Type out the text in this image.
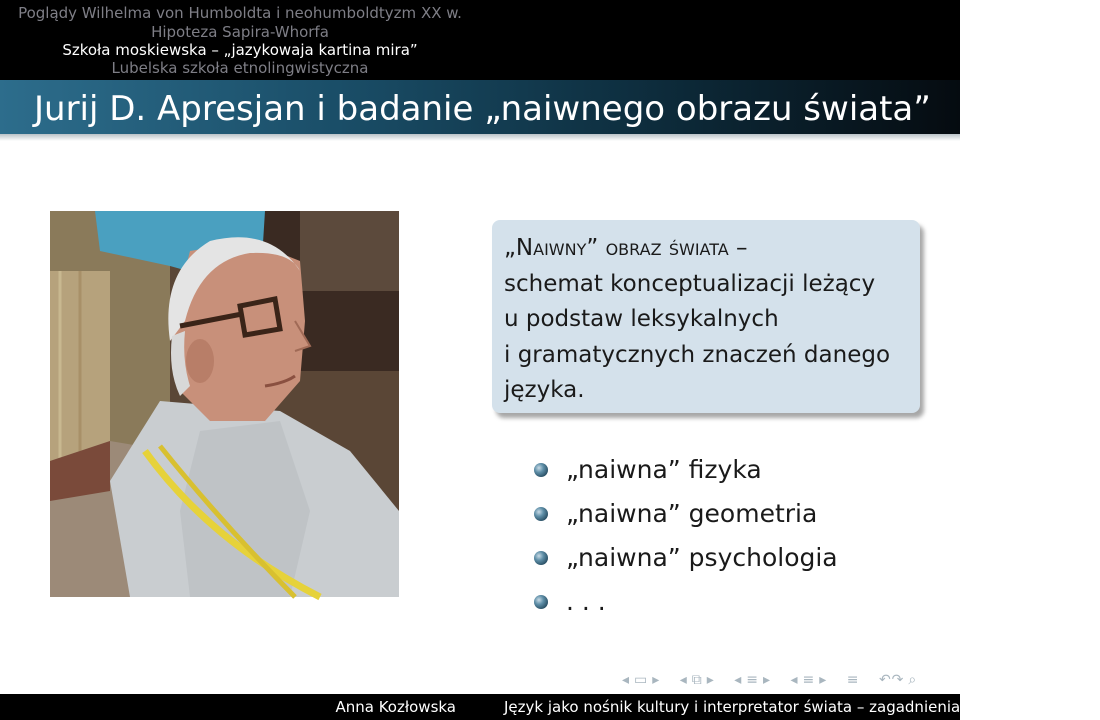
Poglądy Wilhelma von Humboldta i neohumboldtyzm XX w.
Hipoteza Sapira-Whorfa
Szkoła moskiewska – „jazykowaja kartina mira”
Lubelska szkoła etnolingwistyczna
Jurij D. Apresjan i badanie „naiwnego obrazu świata”
„Naiwny” obraz świata –
schemat konceptualizacji leżący
u podstaw leksykalnych
i gramatycznych znaczeń danego
języka.
„naiwna” fizyka
„naiwna” geometria
„naiwna” psychologia
. . .
◂ ▭ ▸ ◂ ⧉ ▸ ◂ ≡ ▸ ◂ ≡ ▸ ≡ ↶↷ ⌕
Anna Kozłowska	Język jako nośnik kultury i interpretator świata – zagadnienia etnolingwistyczne
